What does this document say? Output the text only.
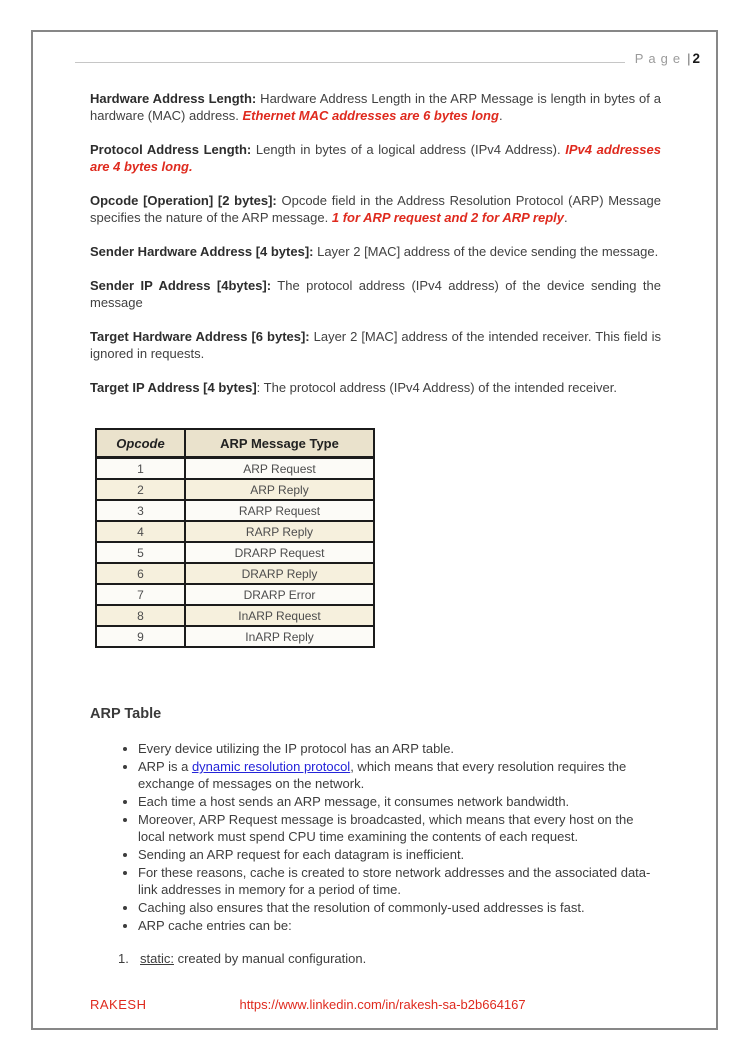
Page | 2

Hardware Address Length: Hardware Address Length in the ARP Message is length in bytes of a hardware (MAC) address. Ethernet MAC addresses are 6 bytes long.

Protocol Address Length: Length in bytes of a logical address (IPv4 Address). IPv4 addresses are 4 bytes long.

Opcode [Operation] [2 bytes]: Opcode field in the Address Resolution Protocol (ARP) Message specifies the nature of the ARP message. 1 for ARP request and 2 for ARP reply.

Sender Hardware Address [4 bytes]: Layer 2 [MAC] address of the device sending the message.

Sender IP Address [4bytes]: The protocol address (IPv4 address) of the device sending the message

Target Hardware Address [6 bytes]: Layer 2 [MAC] address of the intended receiver. This field is ignored in requests.

Target IP Address [4 bytes]: The protocol address (IPv4 Address) of the intended receiver.

Opcode	ARP Message Type
1	ARP Request
2	ARP Reply
3	RARP Request
4	RARP Reply
5	DRARP Request
6	DRARP Reply
7	DRARP Error
8	InARP Request
9	InARP Reply
ARP Table
• Every device utilizing the IP protocol has an ARP table.
• ARP is a dynamic resolution protocol, which means that every resolution requires the exchange of messages on the network.
• Each time a host sends an ARP message, it consumes network bandwidth.
• Moreover, ARP Request message is broadcasted, which means that every host on the local network must spend CPU time examining the contents of each request.
• Sending an ARP request for each datagram is inefficient.
• For these reasons, cache is created to store network addresses and the associated data-link addresses in memory for a period of time.
• Caching also ensures that the resolution of commonly-used addresses is fast.
• ARP cache entries can be:
1. static: created by manual configuration.
RAKESH	https://www.linkedin.com/in/rakesh-sa-b2b664167
